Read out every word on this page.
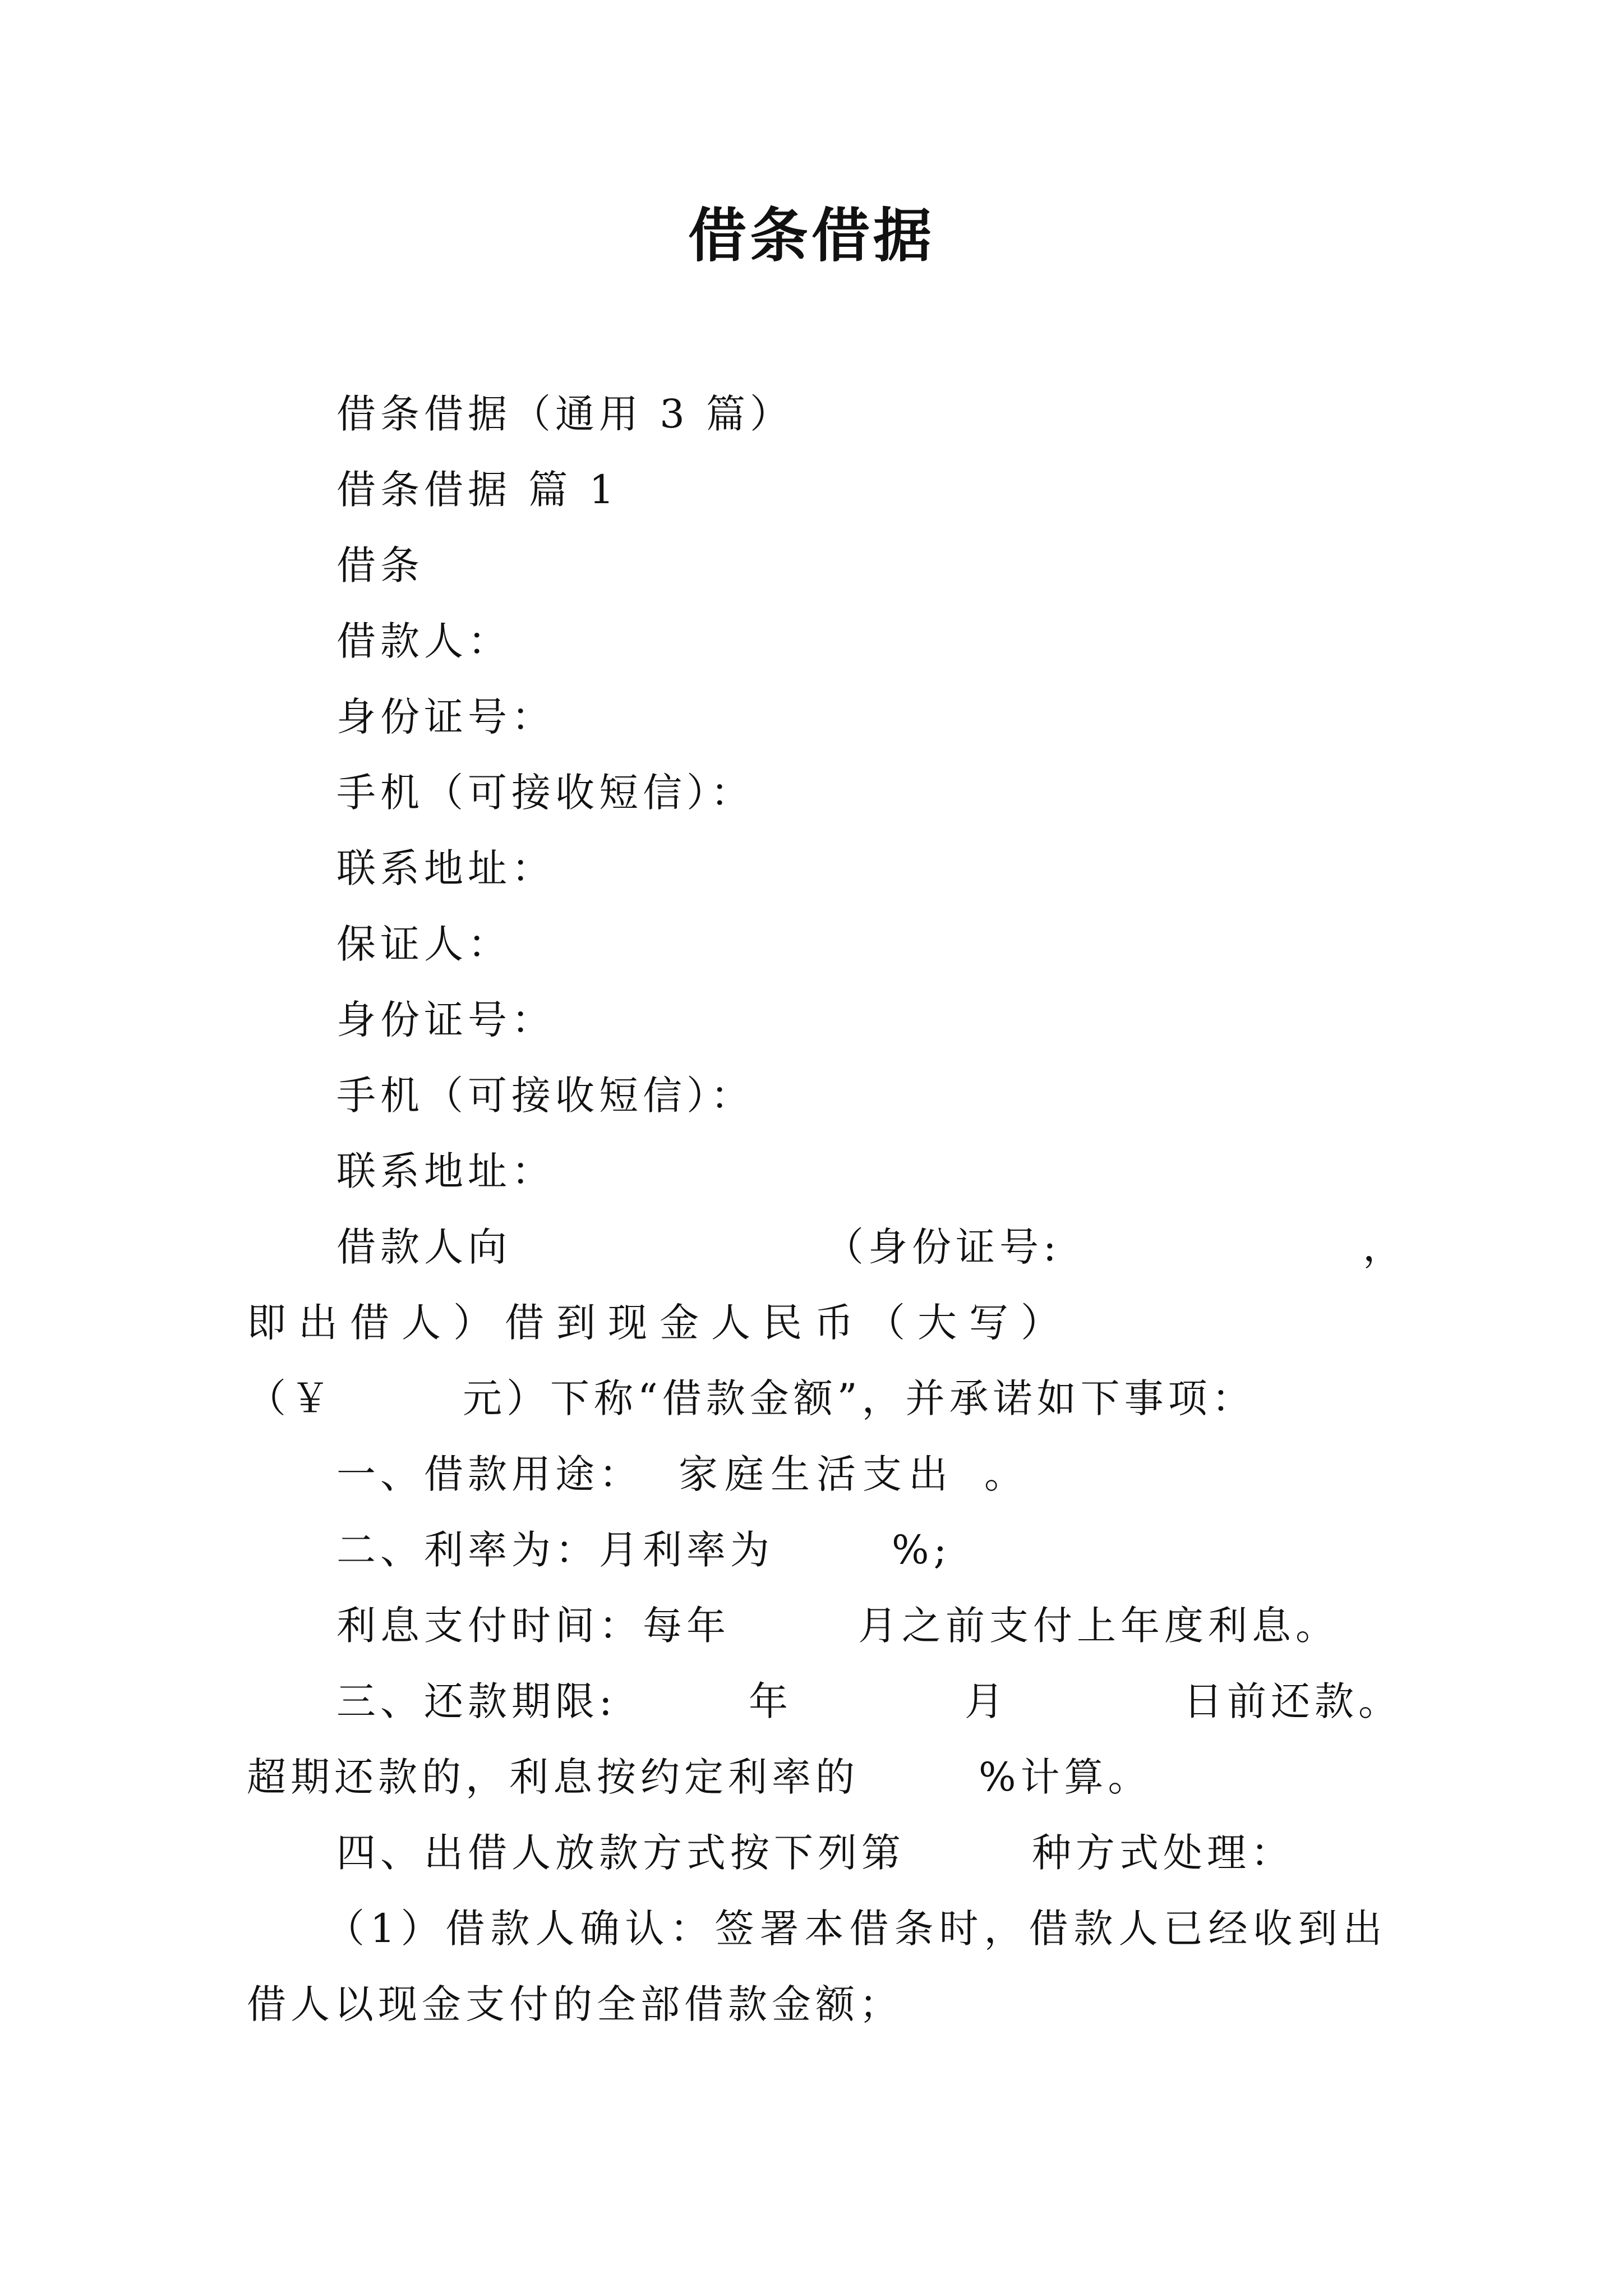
借条借据
借条借据（通用 3 篇）
借条借据 篇 1
借条
借款人：
身份证号：
手机（可接收短信）：
联系地址：
保证人：
身份证号：
手机（可接收短信）：
联系地址：
借款人向	（身份证号:	，
即出借人）借到现金人民币（大写）
（￥	元）下称“借款金额”，并承诺如下事项：
一、借款用途： 家庭生活支出 。
二、利率为：月利率为	%;
利息支付时间：每年	月之前支付上年度利息。
三、还款期限:	年	月	日前还款。
超期还款的，利息按约定利率的	%计算。
四、出借人放款方式按下列第	种方式处理：
（1）借款人确认：签署本借条时，借款人已经收到出
借人以现金支付的全部借款金额；
